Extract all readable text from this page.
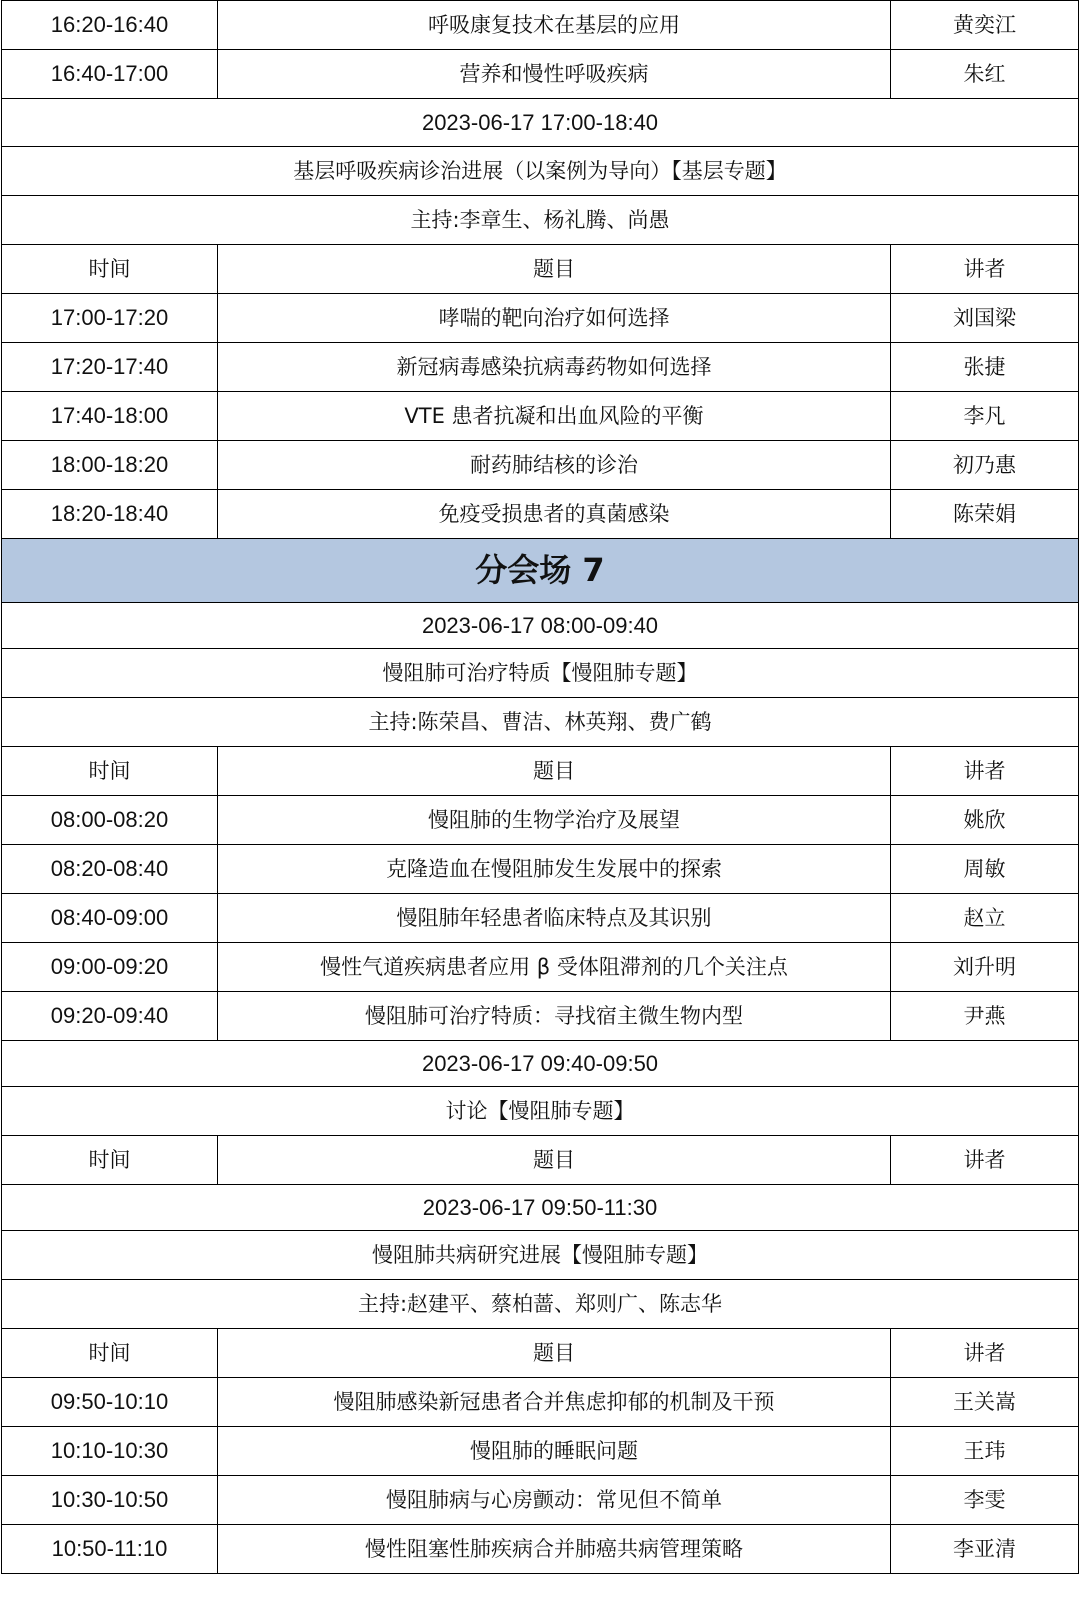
16:20-16:40	呼吸康复技术在基层的应用	黄奕江
16:40-17:00	营养和慢性呼吸疾病	朱红
2023-06-17 17:00-18:40		
基层呼吸疾病诊治进展（以案例为导向）【基层专题】		
主持:李章生、杨礼腾、尚愚		
时间	题目	讲者
17:00-17:20	哮喘的靶向治疗如何选择	刘国梁
17:20-17:40	新冠病毒感染抗病毒药物如何选择	张捷
17:40-18:00	VTE 患者抗凝和出血风险的平衡	李凡
18:00-18:20	耐药肺结核的诊治	初乃惠
18:20-18:40	免疫受损患者的真菌感染	陈荣娟
分会场 7		
2023-06-17 08:00-09:40		
慢阻肺可治疗特质【慢阻肺专题】		
主持:陈荣昌、曹洁、林英翔、费广鹤		
时间	题目	讲者
08:00-08:20	慢阻肺的生物学治疗及展望	姚欣
08:20-08:40	克隆造血在慢阻肺发生发展中的探索	周敏
08:40-09:00	慢阻肺年轻患者临床特点及其识别	赵立
09:00-09:20	慢性气道疾病患者应用 β 受体阻滞剂的几个关注点	刘升明
09:20-09:40	慢阻肺可治疗特质：寻找宿主微生物内型	尹燕
2023-06-17 09:40-09:50		
讨论【慢阻肺专题】		
时间	题目	讲者
2023-06-17 09:50-11:30		
慢阻肺共病研究进展【慢阻肺专题】		
主持:赵建平、蔡柏蔷、郑则广、陈志华		
时间	题目	讲者
09:50-10:10	慢阻肺感染新冠患者合并焦虑抑郁的机制及干预	王关嵩
10:10-10:30	慢阻肺的睡眠问题	王玮
10:30-10:50	慢阻肺病与心房颤动：常见但不简单	李雯
10:50-11:10	慢性阻塞性肺疾病合并肺癌共病管理策略	李亚清
